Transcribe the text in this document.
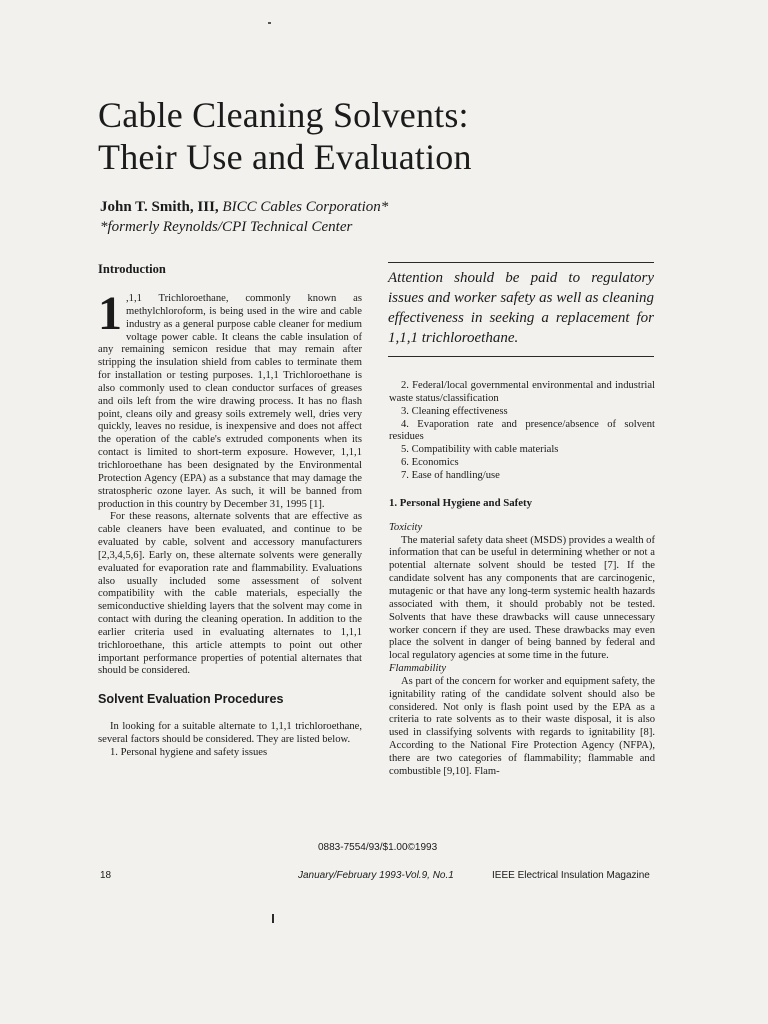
Cable Cleaning Solvents:
Their Use and Evaluation
John T. Smith, III, BICC Cables Corporation*
*formerly Reynolds/CPI Technical Center
Introduction

1 ,1,1 Trichloroethane, commonly known as methylchloroform, is being used in the wire and cable industry as a general purpose cable cleaner for medium voltage power cable. It cleans the cable insulation of any remaining semicon residue that may remain after stripping the insulation shield from cables to terminate them for installation or testing purposes. 1,1,1 Trichloroethane is also commonly used to clean conductor surfaces of greases and oils left from the wire drawing process. It has no flash point, cleans oily and greasy soils extremely well, dries very quickly, leaves no residue, is inexpensive and does not affect the operation of the cable's extruded components when its contact is limited to short-term exposure. However, 1,1,1 trichloroethane has been designated by the Environmental Protection Agency (EPA) as a substance that may damage the stratospheric ozone layer. As such, it will be banned from production in this country by December 31, 1995 [1].

For these reasons, alternate solvents that are effective as cable cleaners have been evaluated, and continue to be evaluated by cable, solvent and accessory manufacturers [2,3,4,5,6]. Early on, these alternate solvents were generally evaluated for evaporation rate and flammability. Evaluations also usually included some assessment of solvent compatibility with the cable materials, especially the semiconductive shielding layers that the solvent may come in contact with during the cleaning operation. In addition to the earlier criteria used in evaluating alternates to 1,1,1 trichloroethane, this article attempts to point out other important performance properties of potential alternates that should be considered.

Solvent Evaluation Procedures

In looking for a suitable alternate to 1,1,1 trichloroethane, several factors should be considered. They are listed below.

1. Personal hygiene and safety issues

Attention should be paid to regulatory issues and worker safety as well as cleaning effectiveness in seeking a replacement for 1,1,1 trichloroethane.

2. Federal/local governmental environmental and industrial waste status/classification

3. Cleaning effectiveness

4. Evaporation rate and presence/absence of solvent residues

5. Compatibility with cable materials

6. Economics

7. Ease of handling/use

1. Personal Hygiene and Safety

Toxicity

The material safety data sheet (MSDS) provides a wealth of information that can be useful in determining whether or not a potential alternate solvent should be tested [7]. If the candidate solvent has any components that are carcinogenic, mutagenic or that have any long-term systemic health hazards associated with them, it should probably not be tested. Solvents that have these drawbacks will cause unnecessary worker concern if they are used. These drawbacks may even place the solvent in danger of being banned by federal and local regulatory agencies at some time in the future.

Flammability

As part of the concern for worker and equipment safety, the ignitability rating of the candidate solvent should also be considered. Not only is flash point used by the EPA as a criteria to rate solvents as to their waste disposal, it is also used in classifying solvents with regards to ignitability [8]. According to the National Fire Protection Agency (NFPA), there are two categories of flammability; flammable and combustible [9,10]. Flam-

0883-7554/93/$1.00©1993
18	January/February 1993-Vol.9, No.1	IEEE Electrical Insulation Magazine
